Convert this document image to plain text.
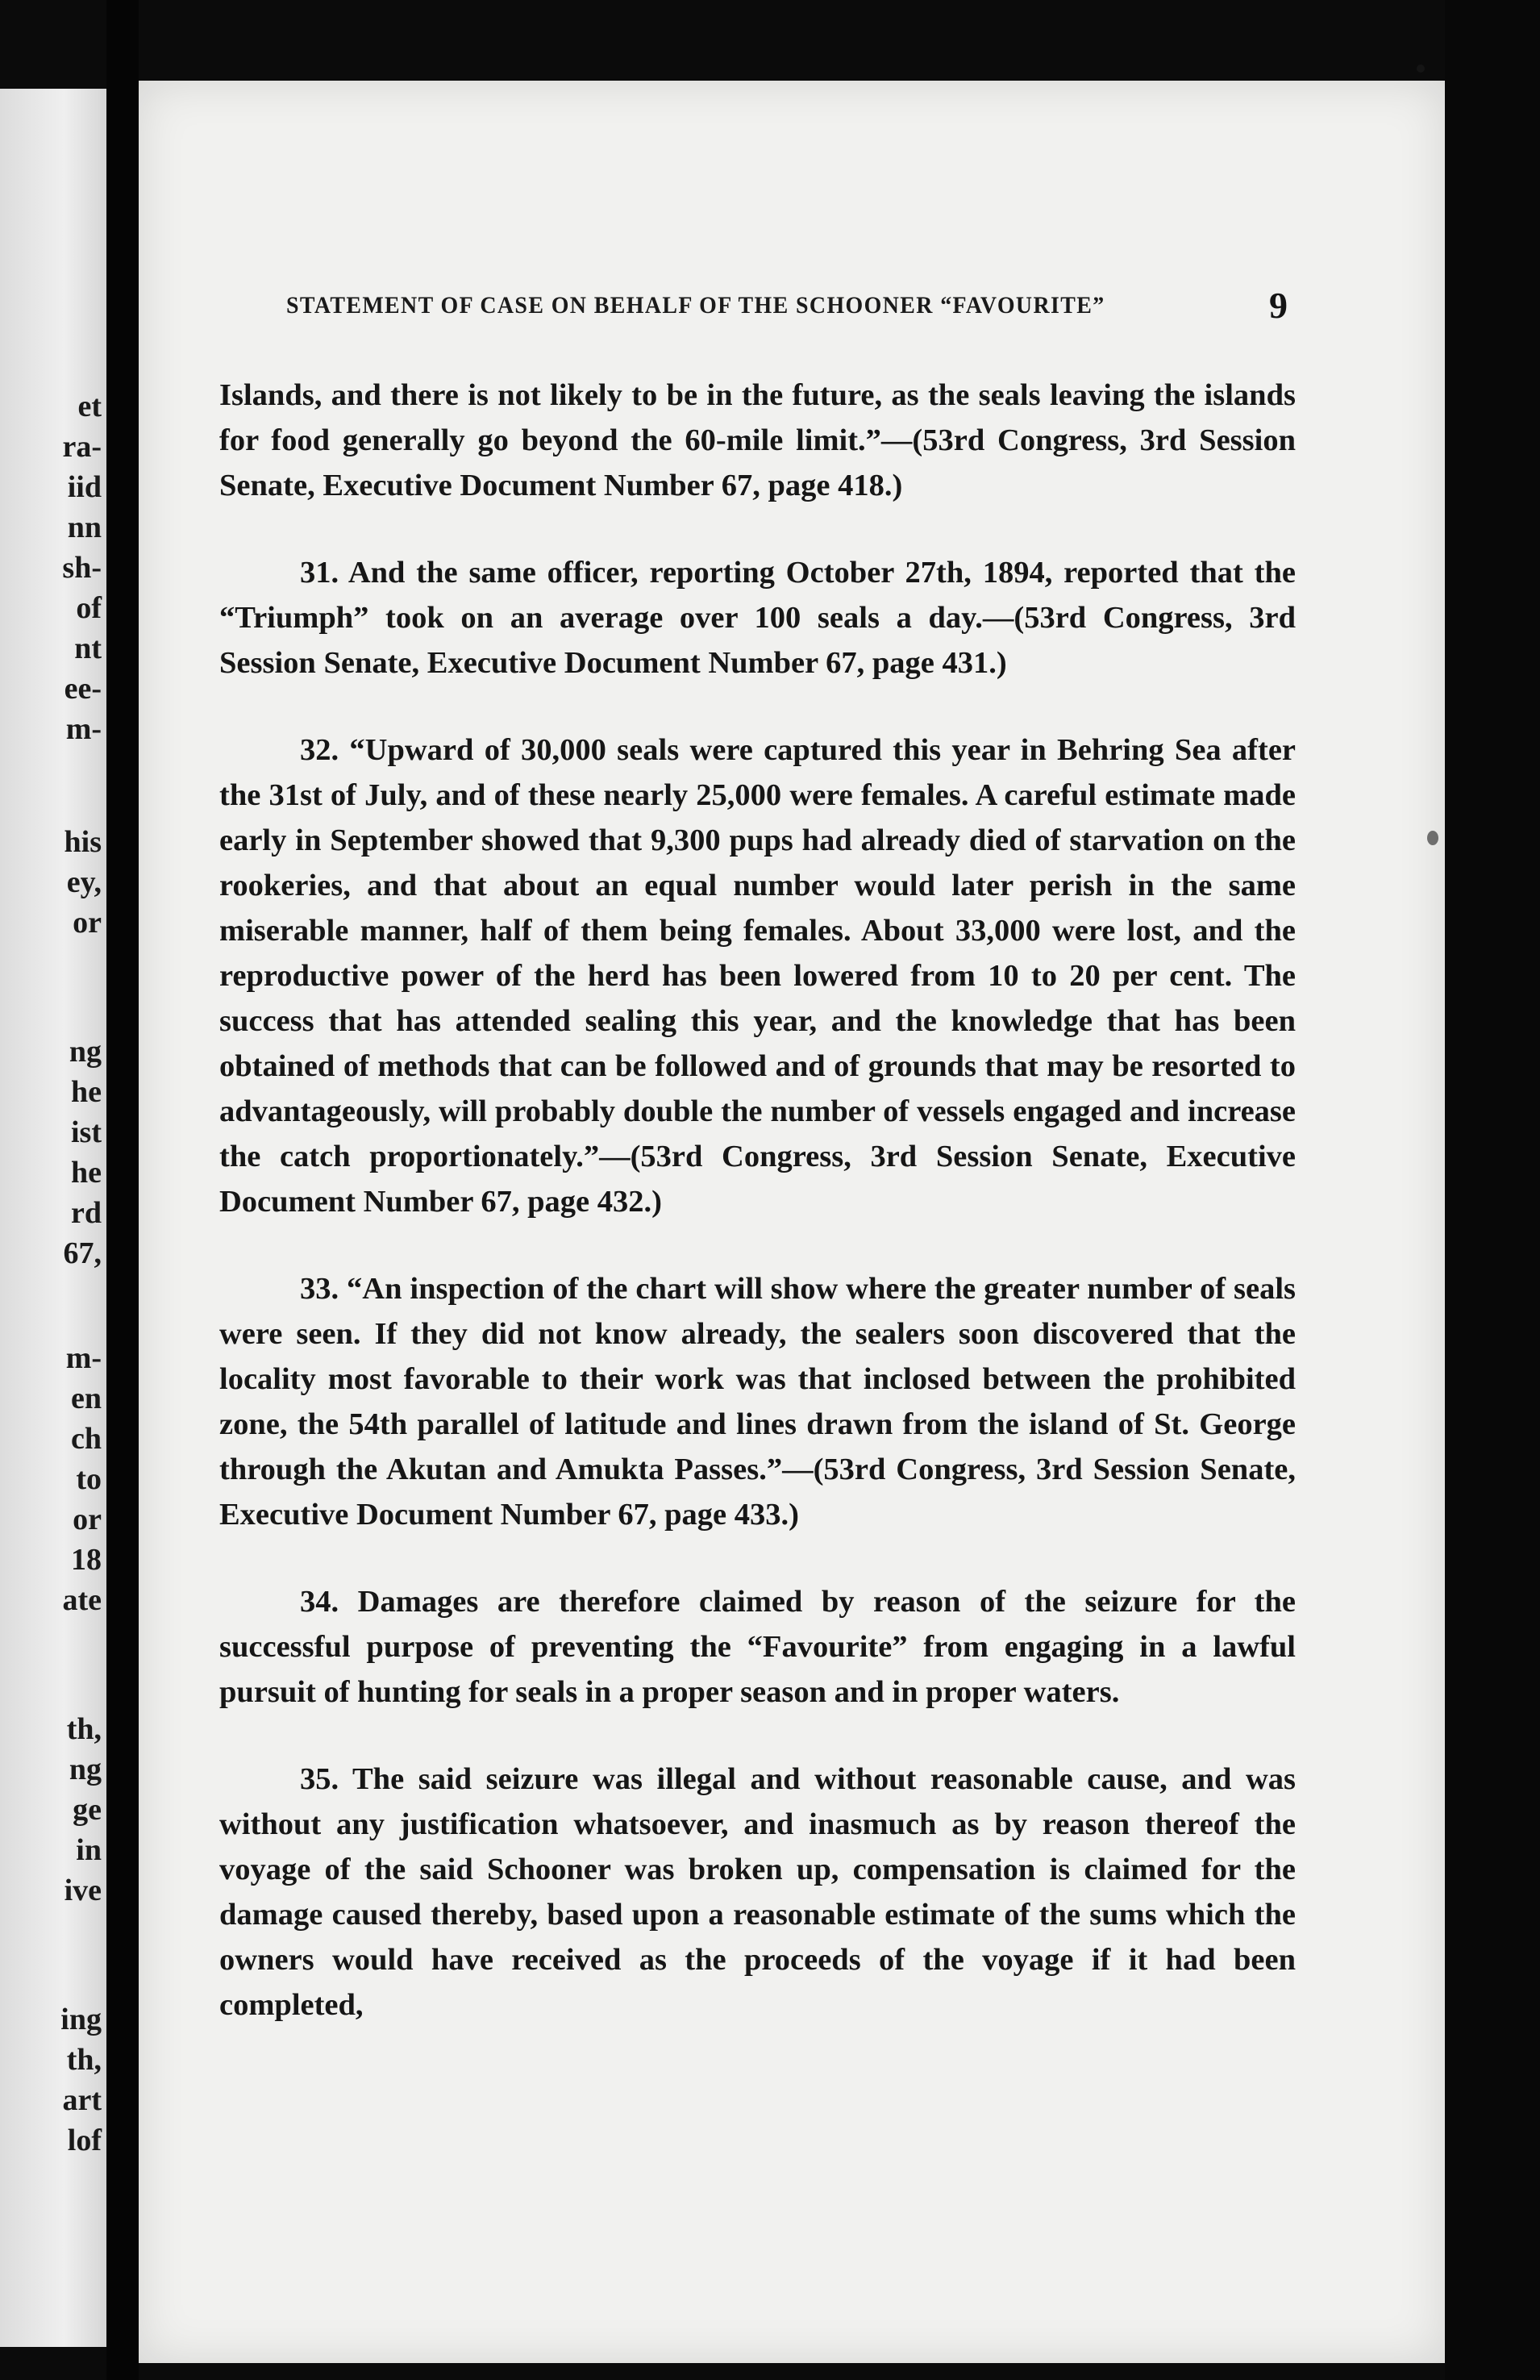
et
ra-
iid
nn
sh-
of
nt
ee-
m-
his
ey,
or
ng
he
ist
he
rd
67,
m-
en
ch
to
or
18
ate
th,
ng
ge
in
ive
ing
th,
art
lof
STATEMENT OF CASE ON BEHALF OF THE SCHOONER “FAVOURITE”	9

Islands, and there is not likely to be in the future, as the seals leaving the islands for food generally go beyond the 60-mile limit.”—(53rd Congress, 3rd Session Senate, Executive Document Number 67, page 418.)

31. And the same officer, reporting October 27th, 1894, reported that the “Triumph” took on an average over 100 seals a day.—(53rd Congress, 3rd Session Senate, Executive Document Number 67, page 431.)

32. “Upward of 30,000 seals were captured this year in Behring Sea after the 31st of July, and of these nearly 25,000 were females. A careful estimate made early in September showed that 9,300 pups had already died of starvation on the rookeries, and that about an equal number would later perish in the same miserable manner, half of them being females. About 33,000 were lost, and the reproductive power of the herd has been lowered from 10 to 20 per cent. The success that has attended sealing this year, and the knowledge that has been obtained of methods that can be followed and of grounds that may be resorted to advantageously, will probably double the number of vessels engaged and increase the catch proportionately.”—(53rd Congress, 3rd Session Senate, Executive Document Number 67, page 432.)

33. “An inspection of the chart will show where the greater number of seals were seen. If they did not know already, the sealers soon discovered that the locality most favorable to their work was that inclosed between the prohibited zone, the 54th parallel of latitude and lines drawn from the island of St. George through the Akutan and Amukta Passes.”—(53rd Congress, 3rd Session Senate, Executive Document Number 67, page 433.)

34. Damages are therefore claimed by reason of the seizure for the successful purpose of preventing the “Favourite” from engaging in a lawful pursuit of hunting for seals in a proper season and in proper waters.

35. The said seizure was illegal and without reasonable cause, and was without any justification whatsoever, and inasmuch as by reason thereof the voyage of the said Schooner was broken up, compensation is claimed for the damage caused thereby, based upon a reasonable estimate of the sums which the owners would have received as the proceeds of the voyage if it had been completed,
